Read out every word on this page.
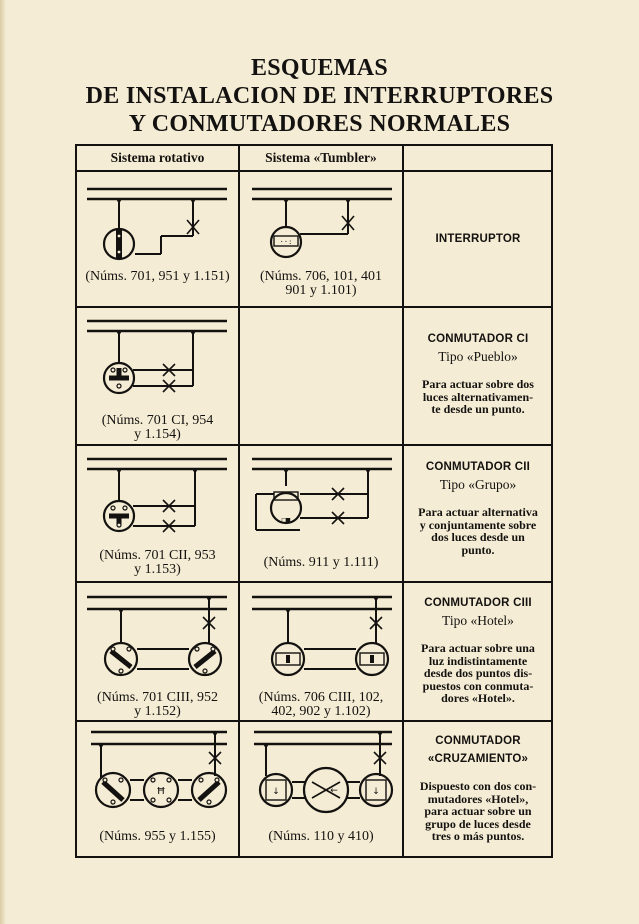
ESQUEMAS
DE INSTALACION DE INTERRUPTORES
Y CONMUTADORES NORMALES
Sistema rotativo	Sistema «Tumbler»
(Núms. 701, 951 y 1.151)
··:
(Núms. 706, 101, 401
901 y 1.101)
INTERRUPTOR
(Núms. 701 CI, 954
y 1.154)
CONMUTADOR CI
Tipo «Pueblo»
Para actuar sobre dos
luces alternativamen-
te desde un punto.
(Núms. 701 CII, 953
y 1.153)
□■
(Núms. 911 y 1.111)
CONMUTADOR CII
Tipo «Grupo»
Para actuar alternativa
y conjuntamente sobre
dos luces desde un
punto.
(Núms. 701 CIII, 952
y 1.152)
(Núms. 706 CIII, 102,
402, 902 y 1.102)
CONMUTADOR CIII
Tipo «Hotel»
Para actuar sobre una
luz indistintamente
desde dos puntos dis-
puestos con conmuta-
dores «Hotel».
Ħ
(Núms. 955 y 1.155)
↓	↓
←
(Núms. 110 y 410)
CONMUTADOR
«CRUZAMIENTO»
Dispuesto con dos con-
mutadores «Hotel»,
para actuar sobre un
grupo de luces desde
tres o más puntos.
